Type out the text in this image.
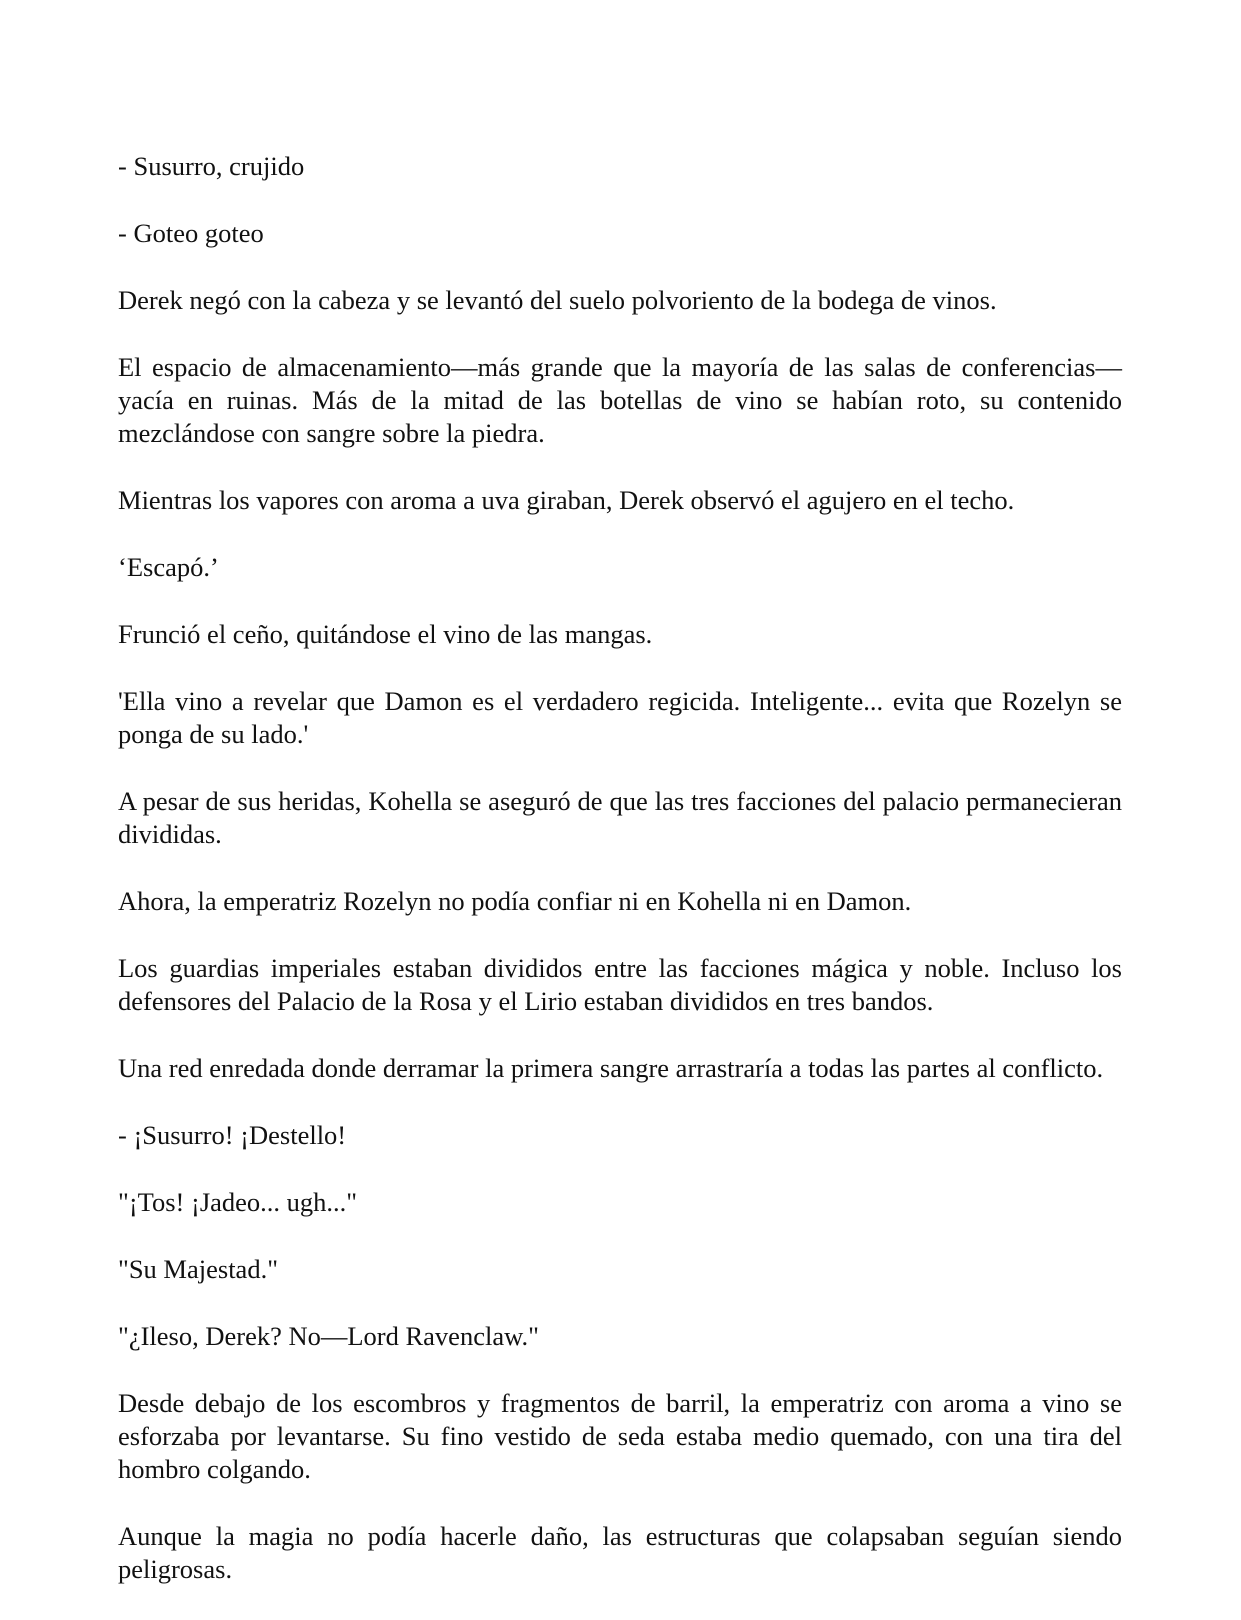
- Susurro, crujido

- Goteo goteo

Derek negó con la cabeza y se levantó del suelo polvoriento de la bodega de vinos.

El espacio de almacenamiento—más grande que la mayoría de las salas de conferencias—yacía en ruinas. Más de la mitad de las botellas de vino se habían roto, su contenido mezclándose con sangre sobre la piedra.

Mientras los vapores con aroma a uva giraban, Derek observó el agujero en el techo.

‘Escapó.’

Frunció el ceño, quitándose el vino de las mangas.

'Ella vino a revelar que Damon es el verdadero regicida. Inteligente... evita que Rozelyn se ponga de su lado.'

A pesar de sus heridas, Kohella se aseguró de que las tres facciones del palacio permanecieran divididas.

Ahora, la emperatriz Rozelyn no podía confiar ni en Kohella ni en Damon.

Los guardias imperiales estaban divididos entre las facciones mágica y noble. Incluso los defensores del Palacio de la Rosa y el Lirio estaban divididos en tres bandos.

Una red enredada donde derramar la primera sangre arrastraría a todas las partes al conflicto.

- ¡Susurro! ¡Destello!

"¡Tos! ¡Jadeo... ugh..."

"Su Majestad."

"¿Ileso, Derek? No—Lord Ravenclaw."

Desde debajo de los escombros y fragmentos de barril, la emperatriz con aroma a vino se esforzaba por levantarse. Su fino vestido de seda estaba medio quemado, con una tira del hombro colgando.

Aunque la magia no podía hacerle daño, las estructuras que colapsaban seguían siendo peligrosas.
